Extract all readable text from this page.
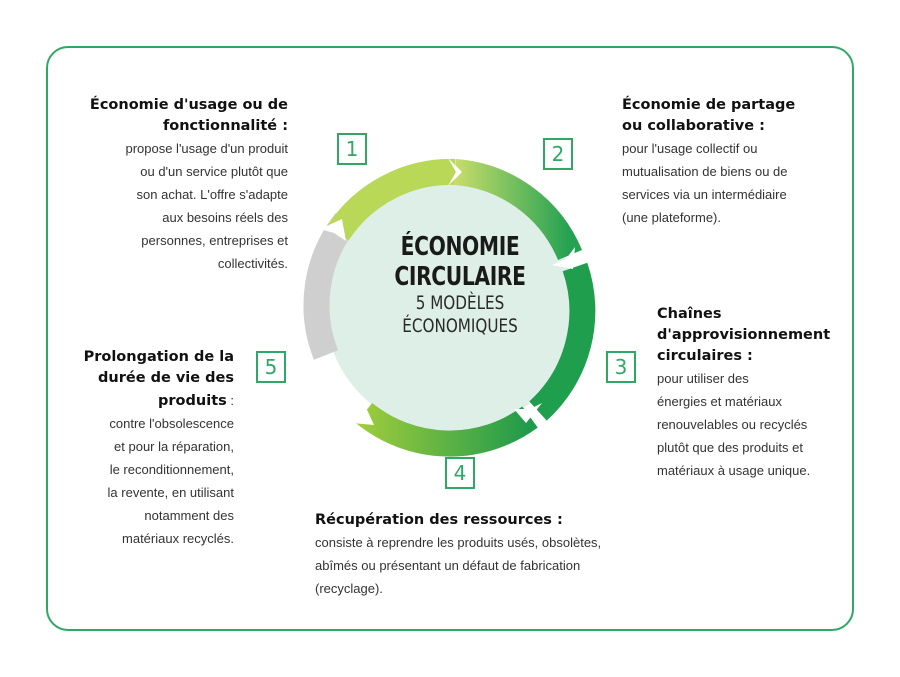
ÉCONOMIE
CIRCULAIRE
5 MODÈLES
ÉCONOMIQUES
1	2
3
4
5
Économie d'usage ou de
fonctionnalité :
propose l'usage d'un produit
ou d'un service plutôt que
son achat. L'offre s'adapte
aux besoins réels des
personnes, entreprises et
collectivités.
Économie de partage
ou collaborative :
pour l'usage collectif ou
mutualisation de biens ou de
services via un intermédiaire
(une plateforme).
Chaînes
d'approvisionnement
circulaires :
pour utiliser des
énergies et matériaux
renouvelables ou recyclés
plutôt que des produits et
matériaux à usage unique.
Récupération des ressources :
consiste à reprendre les produits usés, obsolètes,
abîmés ou présentant un défaut de fabrication
(recyclage).
Prolongation de la
durée de vie des
produits :
contre l'obsolescence
et pour la réparation,
le reconditionnement,
la revente, en utilisant
notamment des
matériaux recyclés.
